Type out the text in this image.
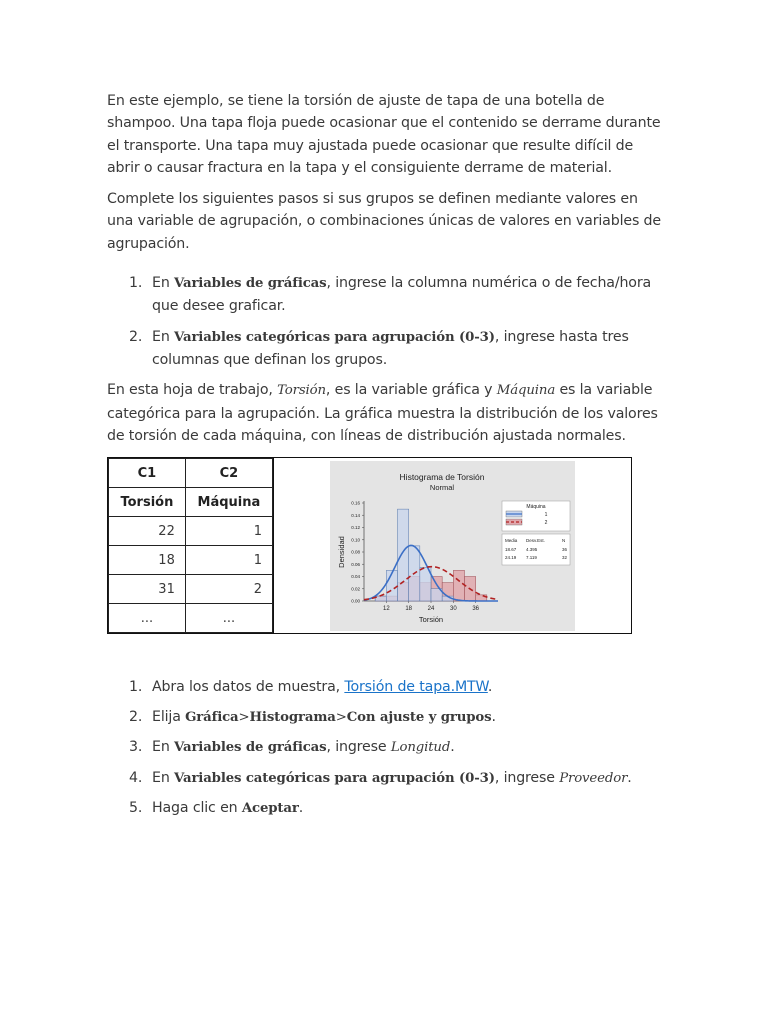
En este ejemplo, se tiene la torsión de ajuste de tapa de una botella de shampoo. Una tapa floja puede ocasionar que el contenido se derrame durante el transporte. Una tapa muy ajustada puede ocasionar que resulte difícil de abrir o causar fractura en la tapa y el consiguiente derrame de material.

Complete los siguientes pasos si sus grupos se definen mediante valores en una variable de agrupación, o combinaciones únicas de valores en variables de agrupación.

1. En Variables de gráficas, ingrese la columna numérica o de fecha/hora que desee graficar.
2. En Variables categóricas para agrupación (0-3), ingrese hasta tres columnas que definan los grupos.

En esta hoja de trabajo, Torsión, es la variable gráfica y Máquina es la variable categórica para la agrupación. La gráfica muestra la distribución de los valores de torsión de cada máquina, con líneas de distribución ajustada normales.

C1	C2
Torsión	Máquina
22	1
18	1
31	2
...	...
Histograma de Torsión
Normal
0.00
0.02
0.04
0.06
0.08
0.10
0.12
0.14
0.16
12	18	24	30	36
Torsión
Densidad
Máquina
1
2
Media Desv.Est.	N
18.67 4.395	36
24.19 7.119	32
1. Abra los datos de muestra, Torsión de tapa.MTW.
2. Elija Gráfica>Histograma>Con ajuste y grupos.
3. En Variables de gráficas, ingrese Longitud.
4. En Variables categóricas para agrupación (0-3), ingrese Proveedor.
5. Haga clic en Aceptar.
